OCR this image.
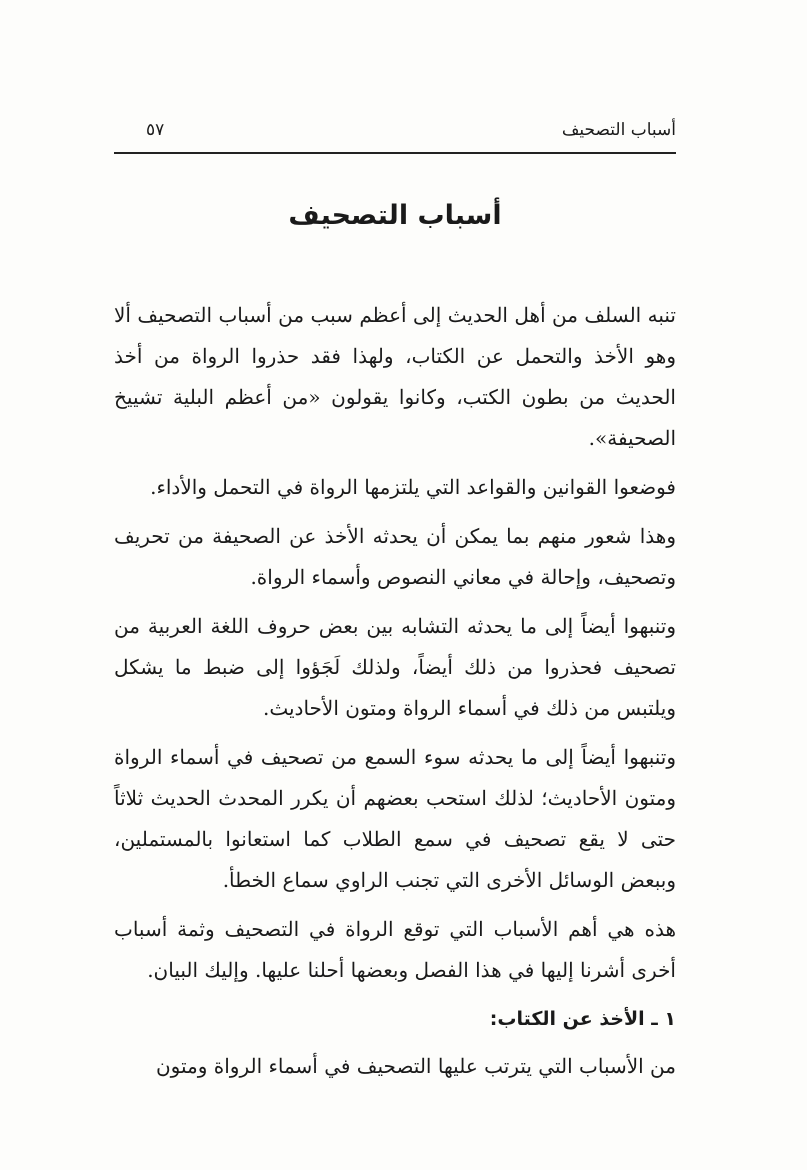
أسباب التصحيف
٥٧
أسباب التصحيف

تنبه السلف من أهل الحديث إلى أعظم سبب من أسباب التصحيف ألا وهو الأخذ والتحمل عن الكتاب، ولهذا فقد حذروا الرواة من أخذ الحديث من بطون الكتب، وكانوا يقولون «من أعظم البلية تشييخ الصحيفة».

فوضعوا القوانين والقواعد التي يلتزمها الرواة في التحمل والأداء.

وهذا شعور منهم بما يمكن أن يحدثه الأخذ عن الصحيفة من تحريف وتصحيف، وإحالة في معاني النصوص وأسماء الرواة.

وتنبهوا أيضاً إلى ما يحدثه التشابه بين بعض حروف اللغة العربية من تصحيف فحذروا من ذلك أيضاً، ولذلك لَجَؤوا إلى ضبط ما يشكل ويلتبس من ذلك في أسماء الرواة ومتون الأحاديث.

وتنبهوا أيضاً إلى ما يحدثه سوء السمع من تصحيف في أسماء الرواة ومتون الأحاديث؛ لذلك استحب بعضهم أن يكرر المحدث الحديث ثلاثاً حتى لا يقع تصحيف في سمع الطلاب كما استعانوا بالمستملين، وببعض الوسائل الأخرى التي تجنب الراوي سماع الخطأ.

هذه هي أهم الأسباب التي توقع الرواة في التصحيف وثمة أسباب أخرى أشرنا إليها في هذا الفصل وبعضها أحلنا عليها. وإليك البيان.

١ ـ الأخذ عن الكتاب:

من الأسباب التي يترتب عليها التصحيف في أسماء الرواة ومتون
